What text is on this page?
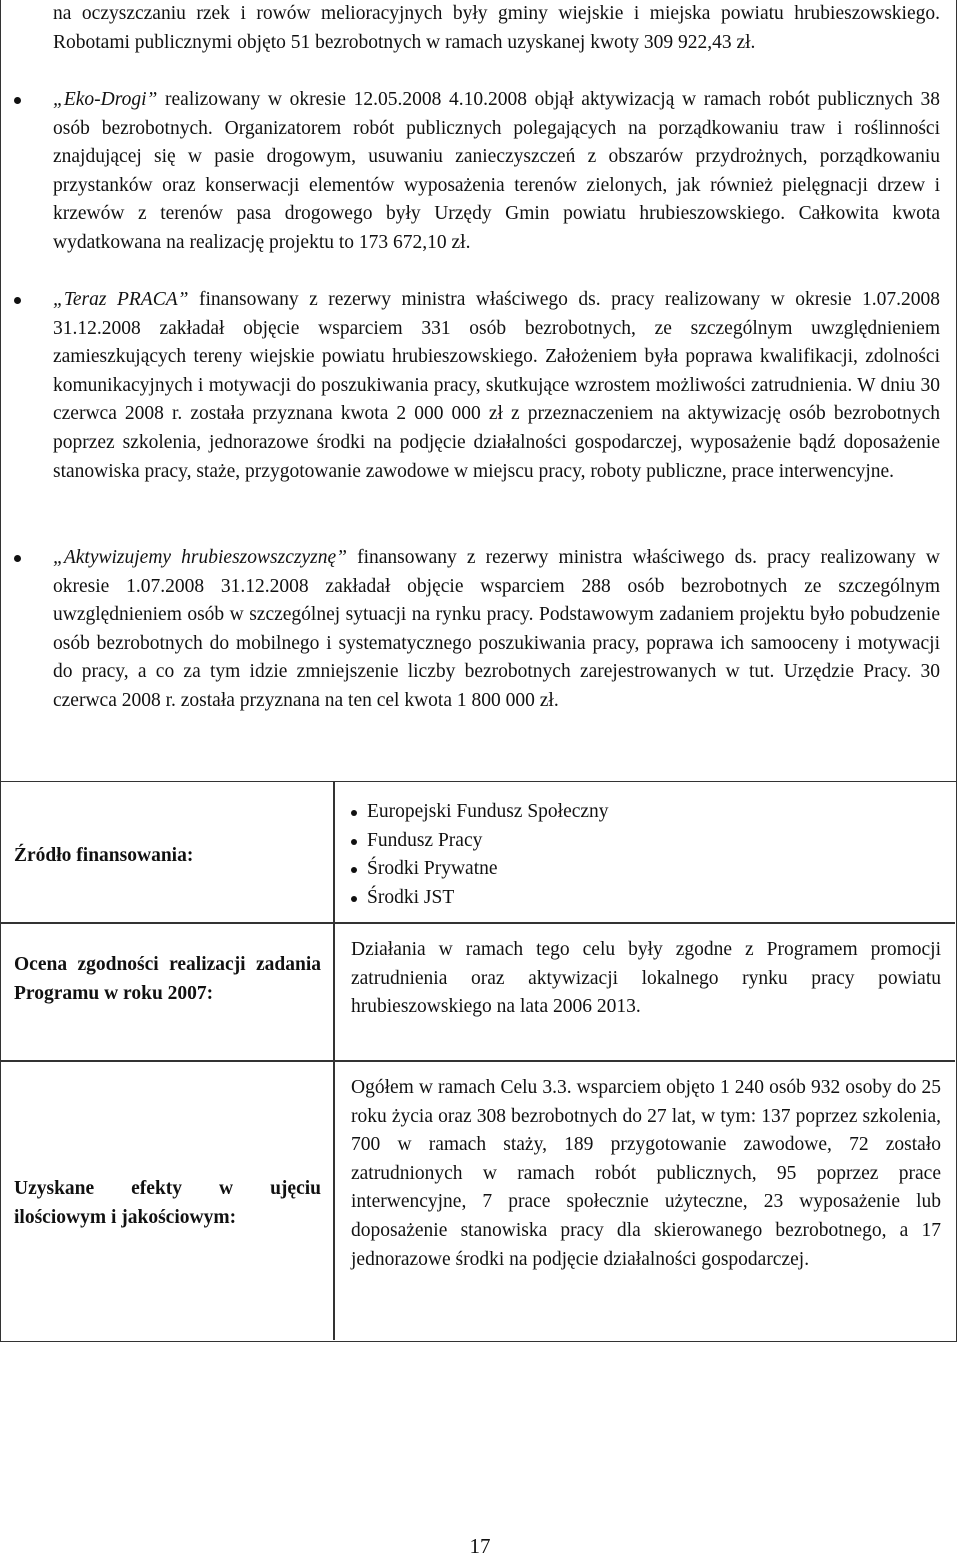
na oczyszczaniu rzek i rowów melioracyjnych były gminy wiejskie i miejska powiatu hrubieszowskiego. Robotami publicznymi objęto 51 bezrobotnych w ramach uzyskanej kwoty 309 922,43 zł.

„Eko-Drogi” realizowany w okresie 12.05.2008 4.10.2008 objął aktywizacją w ramach robót publicznych 38 osób bezrobotnych. Organizatorem robót publicznych polegających na porządkowaniu traw i roślinności znajdującej się w pasie drogowym, usuwaniu zanieczyszczeń z obszarów przydrożnych, porządkowaniu przystanków oraz konserwacji elementów wyposażenia terenów zielonych, jak również pielęgnacji drzew i krzewów z terenów pasa drogowego były Urzędy Gmin powiatu hrubieszowskiego. Całkowita kwota wydatkowana na realizację projektu to 173 672,10 zł.
„Teraz PRACA” finansowany z rezerwy ministra właściwego ds. pracy realizowany w okresie 1.07.2008 31.12.2008 zakładał objęcie wsparciem 331 osób bezrobotnych, ze szczególnym uwzględnieniem zamieszkujących tereny wiejskie powiatu hrubieszowskiego. Założeniem była poprawa kwalifikacji, zdolności komunikacyjnych i motywacji do poszukiwania pracy, skutkujące wzrostem możliwości zatrudnienia. W dniu 30 czerwca 2008 r. została przyznana kwota 2 000 000 zł z przeznaczeniem na aktywizację osób bezrobotnych poprzez szkolenia, jednorazowe środki na podjęcie działalności gospodarczej, wyposażenie bądź doposażenie stanowiska pracy, staże, przygotowanie zawodowe w miejscu pracy, roboty publiczne, prace interwencyjne.
„Aktywizujemy hrubieszowszczyznę” finansowany z rezerwy ministra właściwego ds. pracy realizowany w okresie 1.07.2008 31.12.2008 zakładał objęcie wsparciem 288 osób bezrobotnych ze szczególnym uwzględnieniem osób w szczególnej sytuacji na rynku pracy. Podstawowym zadaniem projektu było pobudzenie osób bezrobotnych do mobilnego i systematycznego poszukiwania pracy, poprawa ich samooceny i motywacji do pracy, a co za tym idzie zmniejszenie liczby bezrobotnych zarejestrowanych w tut. Urzędzie Pracy. 30 czerwca 2008 r. została przyznana na ten cel kwota 1 800 000 zł.
Źródło finansowania:
Europejski Fundusz Społeczny
Fundusz Pracy
Środki Prywatne
Środki JST
Ocena zgodności realizacji zadania Programu w roku 2007:
Działania w ramach tego celu były zgodne z Programem promocji zatrudnienia oraz aktywizacji lokalnego rynku pracy powiatu hrubieszowskiego na lata 2006 2013.
Uzyskane efekty w ujęciu ilościowym i jakościowym:
Ogółem w ramach Celu 3.3. wsparciem objęto 1 240 osób 932 osoby do 25 roku życia oraz 308 bezrobotnych do 27 lat, w tym: 137 poprzez szkolenia, 700 w ramach staży, 189 przygotowanie zawodowe, 72 zostało zatrudnionych w ramach robót publicznych, 95 poprzez prace interwencyjne, 7 prace społecznie użyteczne, 23 wyposażenie lub doposażenie stanowiska pracy dla skierowanego bezrobotnego, a 17 jednorazowe środki na podjęcie działalności gospodarczej.
17
